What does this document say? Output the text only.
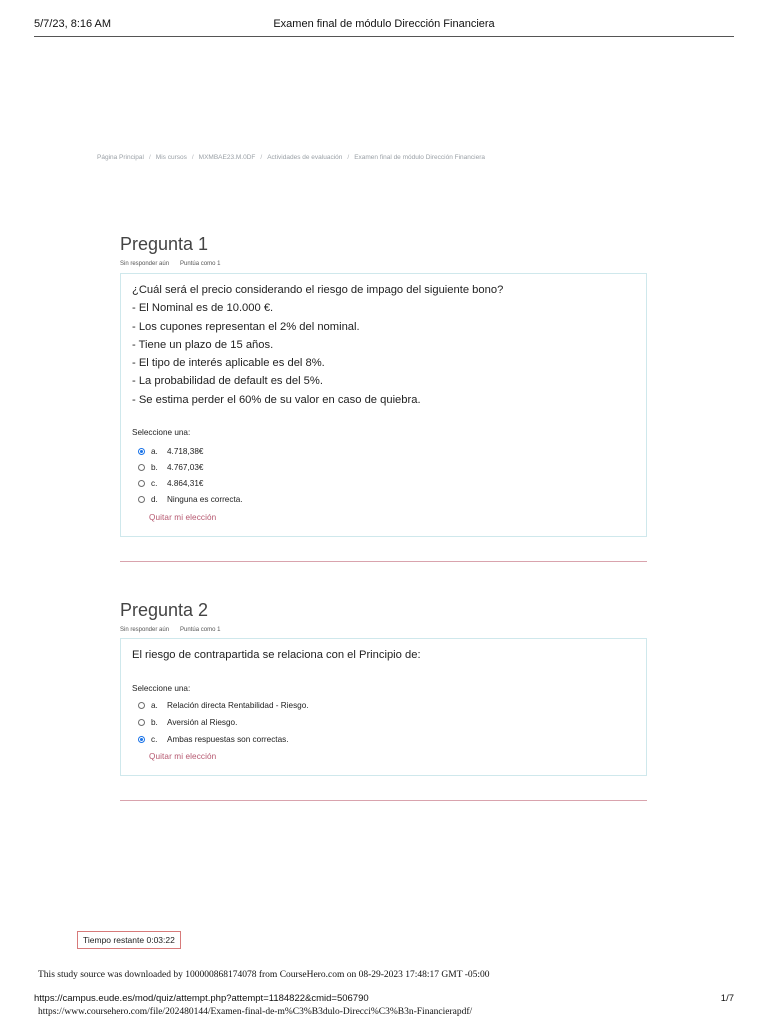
5/7/23, 8:16 AM	Examen final de módulo Dirección Financiera
Página Principal / Mis cursos / MXMBAE23.M.0DF / Actividades de evaluación / Examen final de módulo Dirección Financiera
Pregunta 1
Sin responder aún Puntúa como 1
¿Cuál será el precio considerando el riesgo de impago del siguiente bono?
- El Nominal es de 10.000 €.
- Los cupones representan el 2% del nominal.
- Tiene un plazo de 15 años.
- El tipo de interés aplicable es del 8%.
- La probabilidad de default es del 5%.
- Se estima perder el 60% de su valor en caso de quiebra.
Seleccione una:
a.	4.718,38€
b.	4.767,03€
c.	4.864,31€
d.	Ninguna es correcta.
Quitar mi elección
Pregunta 2
Sin responder aún Puntúa como 1
El riesgo de contrapartida se relaciona con el Principio de:
Seleccione una:
a.	Relación directa Rentabilidad - Riesgo.
b.	Aversión al Riesgo.
c.	Ambas respuestas son correctas.
Quitar mi elección
Tiempo restante 0:03:22
This study source was downloaded by 100000868174078 from CourseHero.com on 08-29-2023 17:48:17 GMT -05:00
https://campus.eude.es/mod/quiz/attempt.php?attempt=1184822&cmid=506790	1/7
https://www.coursehero.com/file/202480144/Examen-final-de-m%C3%B3dulo-Direcci%C3%B3n-Financierapdf/
